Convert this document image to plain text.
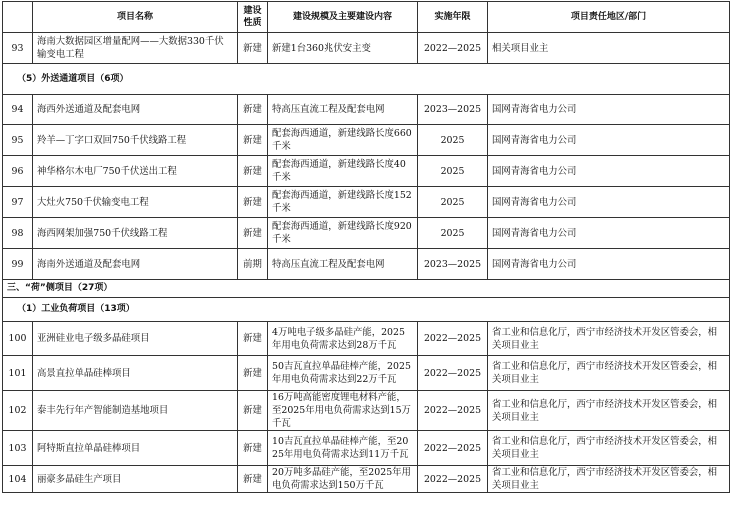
	项目名称	建设性质	建设规模及主要建设内容	实施年限	项目责任地区/部门
93	海南大数据园区增量配网——大数据330千伏输变电工程	新建	新建1台360兆伏安主变	2022—2025	相关项目业主
（5）外送通道项目（6项）					
94	海西外送通道及配套电网	新建	特高压直流工程及配套电网	2023—2025	国网青海省电力公司
95	羚羊—丁字口双回750千伏线路工程	新建	配套海西通道，新建线路长度660千米	2025	国网青海省电力公司
96	神华格尔木电厂750千伏送出工程	新建	配套海西通道，新建线路长度40千米	2025	国网青海省电力公司
97	大灶火750千伏输变电工程	新建	配套海西通道，新建线路长度152千米	2025	国网青海省电力公司
98	海西网架加强750千伏线路工程	新建	配套海西通道，新建线路长度920千米	2025	国网青海省电力公司
99	海南外送通道及配套电网	前期	特高压直流工程及配套电网	2023—2025	国网青海省电力公司
三、“荷”侧项目（27项）					
（1）工业负荷项目（13项）					
100	亚洲硅业电子级多晶硅项目	新建	4万吨电子级多晶硅产能，2025年用电负荷需求达到28万千瓦	2022—2025	省工业和信息化厅，西宁市经济技术开发区管委会，相关项目业主
101	高景直拉单晶硅棒项目	新建	50吉瓦直拉单晶硅棒产能，2025年用电负荷需求达到22万千瓦	2022—2025	省工业和信息化厅，西宁市经济技术开发区管委会，相关项目业主
102	泰丰先行年产智能制造基地项目	新建	16万吨高能密度锂电材料产能，至2025年用电负荷需求达到15万千瓦	2022—2025	省工业和信息化厅，西宁市经济技术开发区管委会，相关项目业主
103	阿特斯直拉单晶硅棒项目	新建	10吉瓦直拉单晶硅棒产能，至2025年用电负荷需求达到11万千瓦	2022—2025	省工业和信息化厅，西宁市经济技术开发区管委会，相关项目业主
104	丽豪多晶硅生产项目	新建	20万吨多晶硅产能，至2025年用电负荷需求达到150万千瓦	2022—2025	省工业和信息化厅，西宁市经济技术开发区管委会，相关项目业主
